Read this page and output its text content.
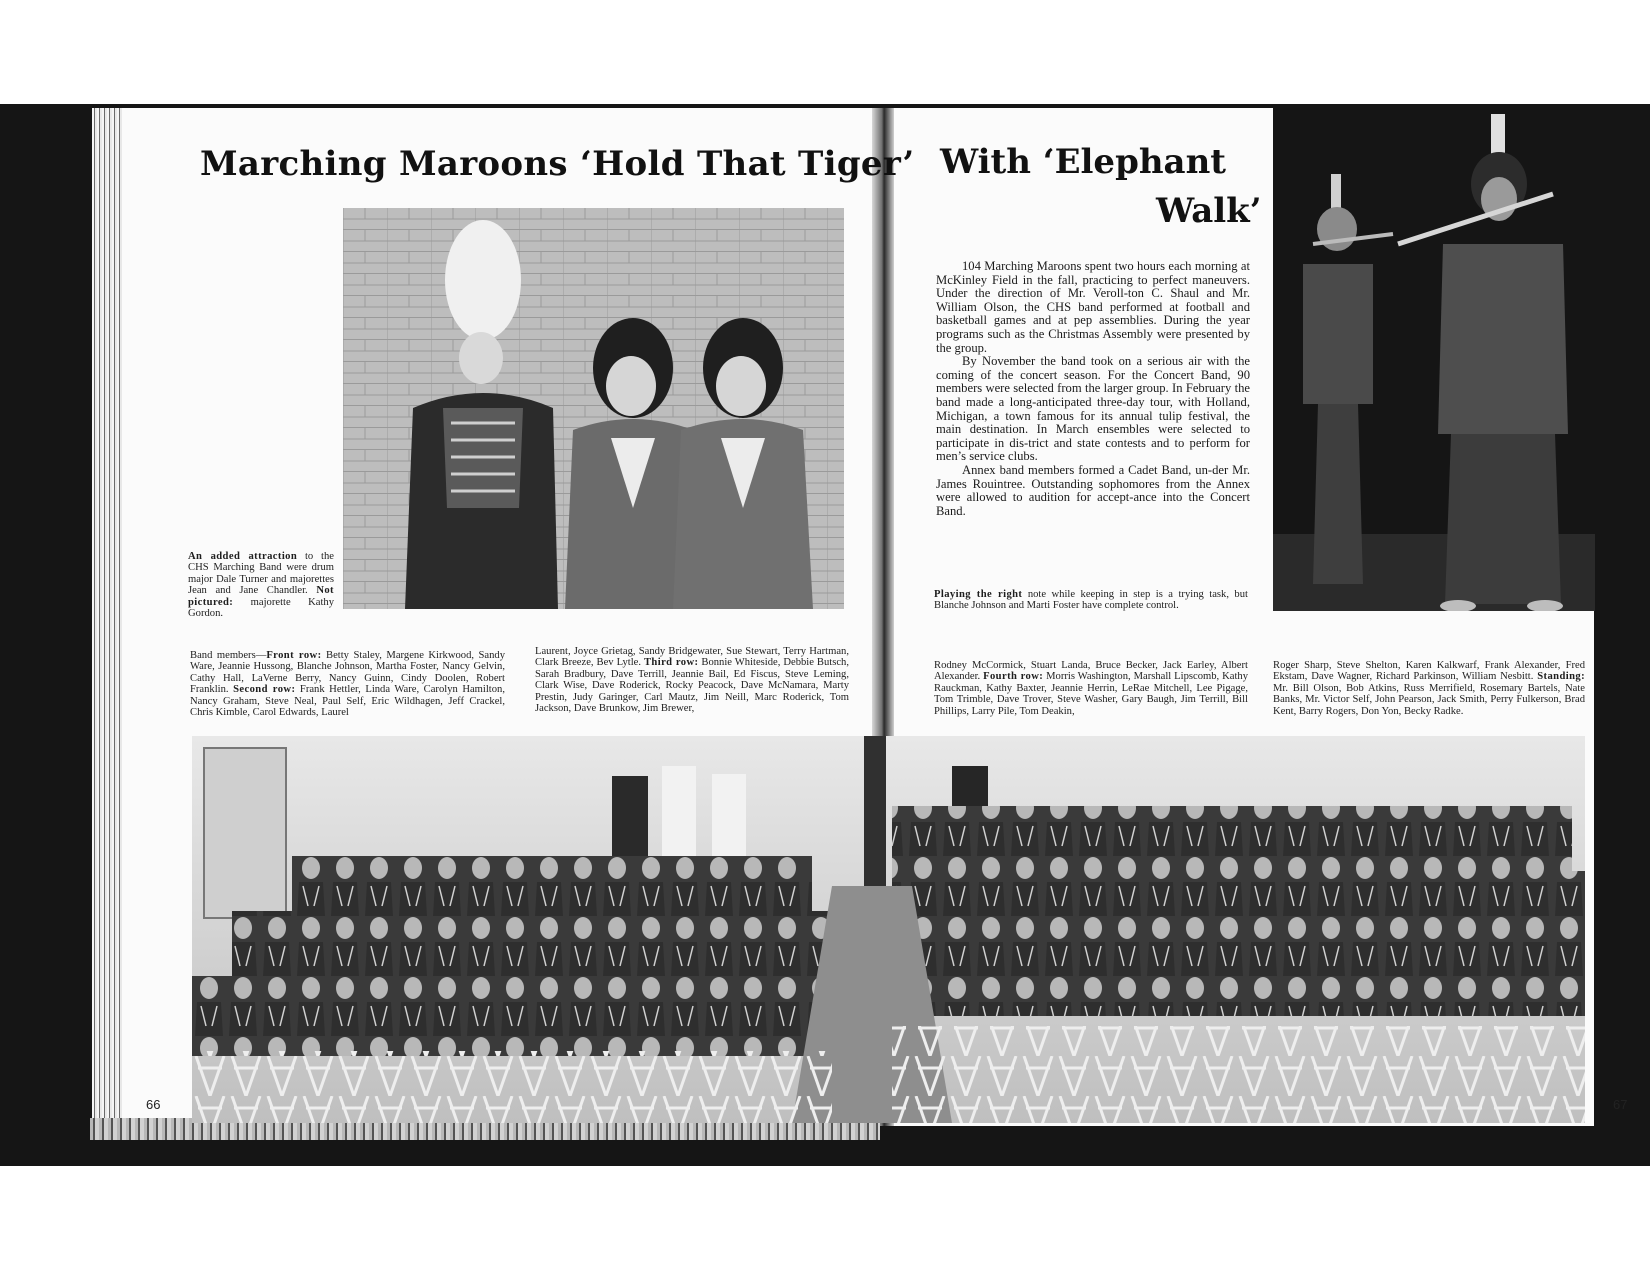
Marching Maroons ‘Hold That Tiger’
An added attraction to the CHS Marching Band were drum major Dale Turner and majorettes Jean and Jane Chandler. Not pictured: majorette Kathy Gordon.
Band members—Front row: Betty Staley, Margene Kirkwood, Sandy Ware, Jeannie Hussong, Blanche Johnson, Martha Foster, Nancy Gelvin, Cathy Hall, LaVerne Berry, Nancy Guinn, Cindy Doolen, Robert Franklin. Second row: Frank Hettler, Linda Ware, Carolyn Hamilton, Nancy Graham, Steve Neal, Paul Self, Eric Wildhagen, Jeff Crackel, Chris Kimble, Carol Edwards, Laurel
Laurent, Joyce Grietag, Sandy Bridgewater, Sue Stewart, Terry Hartman, Clark Breeze, Bev Lytle. Third row: Bonnie Whiteside, Debbie Butsch, Sarah Bradbury, Dave Terrill, Jeannie Bail, Ed Fiscus, Steve Leming, Clark Wise, Dave Roderick, Rocky Peacock, Dave McNamara, Marty Prestin, Judy Garinger, Carl Mautz, Jim Neill, Marc Roderick, Tom Jackson, Dave Brunkow, Jim Brewer,
66
With ‘Elephant
Walk’

104 Marching Maroons spent two hours each morning at McKinley Field in the fall, practicing to perfect maneuvers. Under the direction of Mr. Veroll-ton C. Shaul and Mr. William Olson, the CHS band performed at football and basketball games and at pep assemblies. During the year programs such as the Christmas Assembly were presented by the group.

By November the band took on a serious air with the coming of the concert season. For the Concert Band, 90 members were selected from the larger group. In February the band made a long-anticipated three-day tour, with Holland, Michigan, a town famous for its annual tulip festival, the main destination. In March ensembles were selected to participate in dis-trict and state contests and to perform for men’s service clubs.

Annex band members formed a Cadet Band, un-der Mr. James Rouintree. Outstanding sophomores from the Annex were allowed to audition for accept-ance into the Concert Band.

Playing the right note while keeping in step is a trying task, but Blanche Johnson and Marti Foster have complete control.
Rodney McCormick, Stuart Landa, Bruce Becker, Jack Earley, Albert Alexander. Fourth row: Morris Washington, Marshall Lipscomb, Kathy Rauckman, Kathy Baxter, Jeannie Herrin, LeRae Mitchell, Lee Pigage, Tom Trimble, Dave Trover, Steve Washer, Gary Baugh, Jim Terrill, Bill Phillips, Larry Pile, Tom Deakin,
Roger Sharp, Steve Shelton, Karen Kalkwarf, Frank Alexander, Fred Ekstam, Dave Wagner, Richard Parkinson, William Nesbitt. Standing: Mr. Bill Olson, Bob Atkins, Russ Merrifield, Rosemary Bartels, Nate Banks, Mr. Victor Self, John Pearson, Jack Smith, Perry Fulkerson, Brad Kent, Barry Rogers, Don Yon, Becky Radke.
67
